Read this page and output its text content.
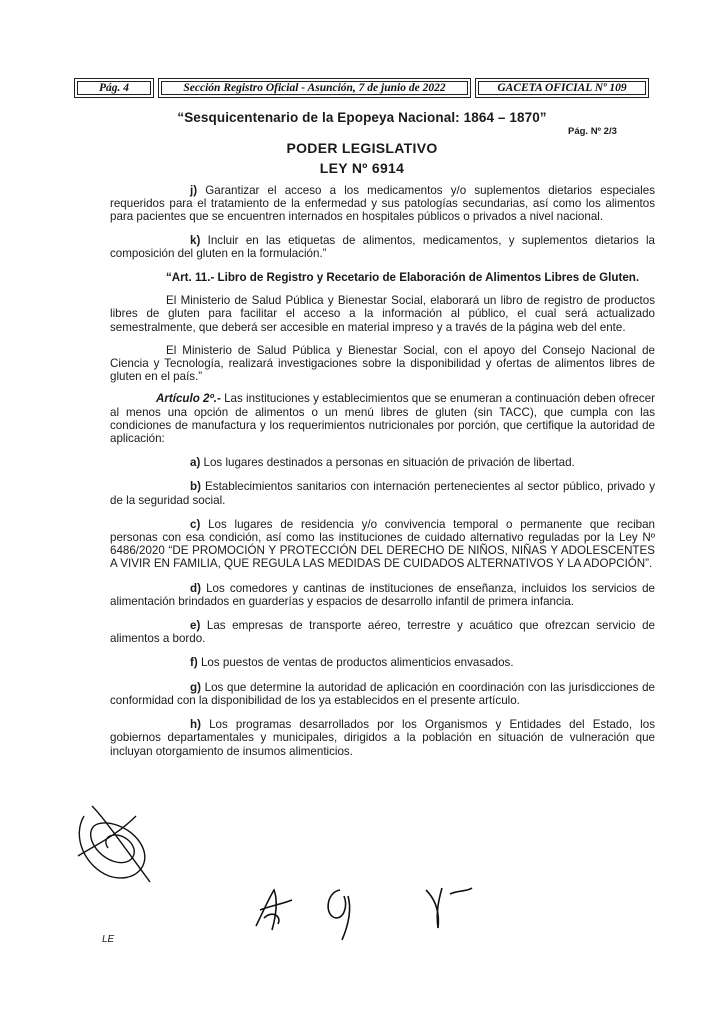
Pág. 4	Sección Registro Oficial - Asunción, 7 de junio de 2022	GACETA OFICIAL Nº 109
“Sesquicentenario de la Epopeya Nacional: 1864 – 1870”
Pág. Nº 2/3
PODER LEGISLATIVO
LEY Nº 6914

j) Garantizar el acceso a los medicamentos y/o suplementos dietarios especiales requeridos para el tratamiento de la enfermedad y sus patologías secundarias, así como los alimentos para pacientes que se encuentren internados en hospitales públicos o privados a nivel nacional.

k) Incluir en las etiquetas de alimentos, medicamentos, y suplementos dietarios la composición del gluten en la formulación.”

“Art. 11.- Libro de Registro y Recetario de Elaboración de Alimentos Libres de Gluten.

El Ministerio de Salud Pública y Bienestar Social, elaborará un libro de registro de productos libres de gluten para facilitar el acceso a la información al público, el cual será actualizado semestralmente, que deberá ser accesible en material impreso y a través de la página web del ente.

El Ministerio de Salud Pública y Bienestar Social, con el apoyo del Consejo Nacional de Ciencia y Tecnología, realizará investigaciones sobre la disponibilidad y ofertas de alimentos libres de gluten en el país.”

Artículo 2º.- Las instituciones y establecimientos que se enumeran a continuación deben ofrecer al menos una opción de alimentos o un menú libres de gluten (sin TACC), que cumpla con las condiciones de manufactura y los requerimientos nutricionales por porción, que certifique la autoridad de aplicación:

a) Los lugares destinados a personas en situación de privación de libertad.

b) Establecimientos sanitarios con internación pertenecientes al sector público, privado y de la seguridad social.

c) Los lugares de residencia y/o convivencia temporal o permanente que reciban personas con esa condición, así como las instituciones de cuidado alternativo reguladas por la Ley Nº 6486/2020 “DE PROMOCIÓN Y PROTECCIÓN DEL DERECHO DE NIÑOS, NIÑAS Y ADOLESCENTES A VIVIR EN FAMILIA, QUE REGULA LAS MEDIDAS DE CUIDADOS ALTERNATIVOS Y LA ADOPCIÓN”.

d) Los comedores y cantinas de instituciones de enseñanza, incluidos los servicios de alimentación brindados en guarderías y espacios de desarrollo infantil de primera infancia.

e) Las empresas de transporte aéreo, terrestre y acuático que ofrezcan servicio de alimentos a bordo.

f) Los puestos de ventas de productos alimenticios envasados.

g) Los que determine la autoridad de aplicación en coordinación con las jurisdicciones de conformidad con la disponibilidad de los ya establecidos en el presente artículo.

h) Los programas desarrollados por los Organismos y Entidades del Estado, los gobiernos departamentales y municipales, dirigidos a la población en situación de vulneración que incluyan otorgamiento de insumos alimenticios.

LE
